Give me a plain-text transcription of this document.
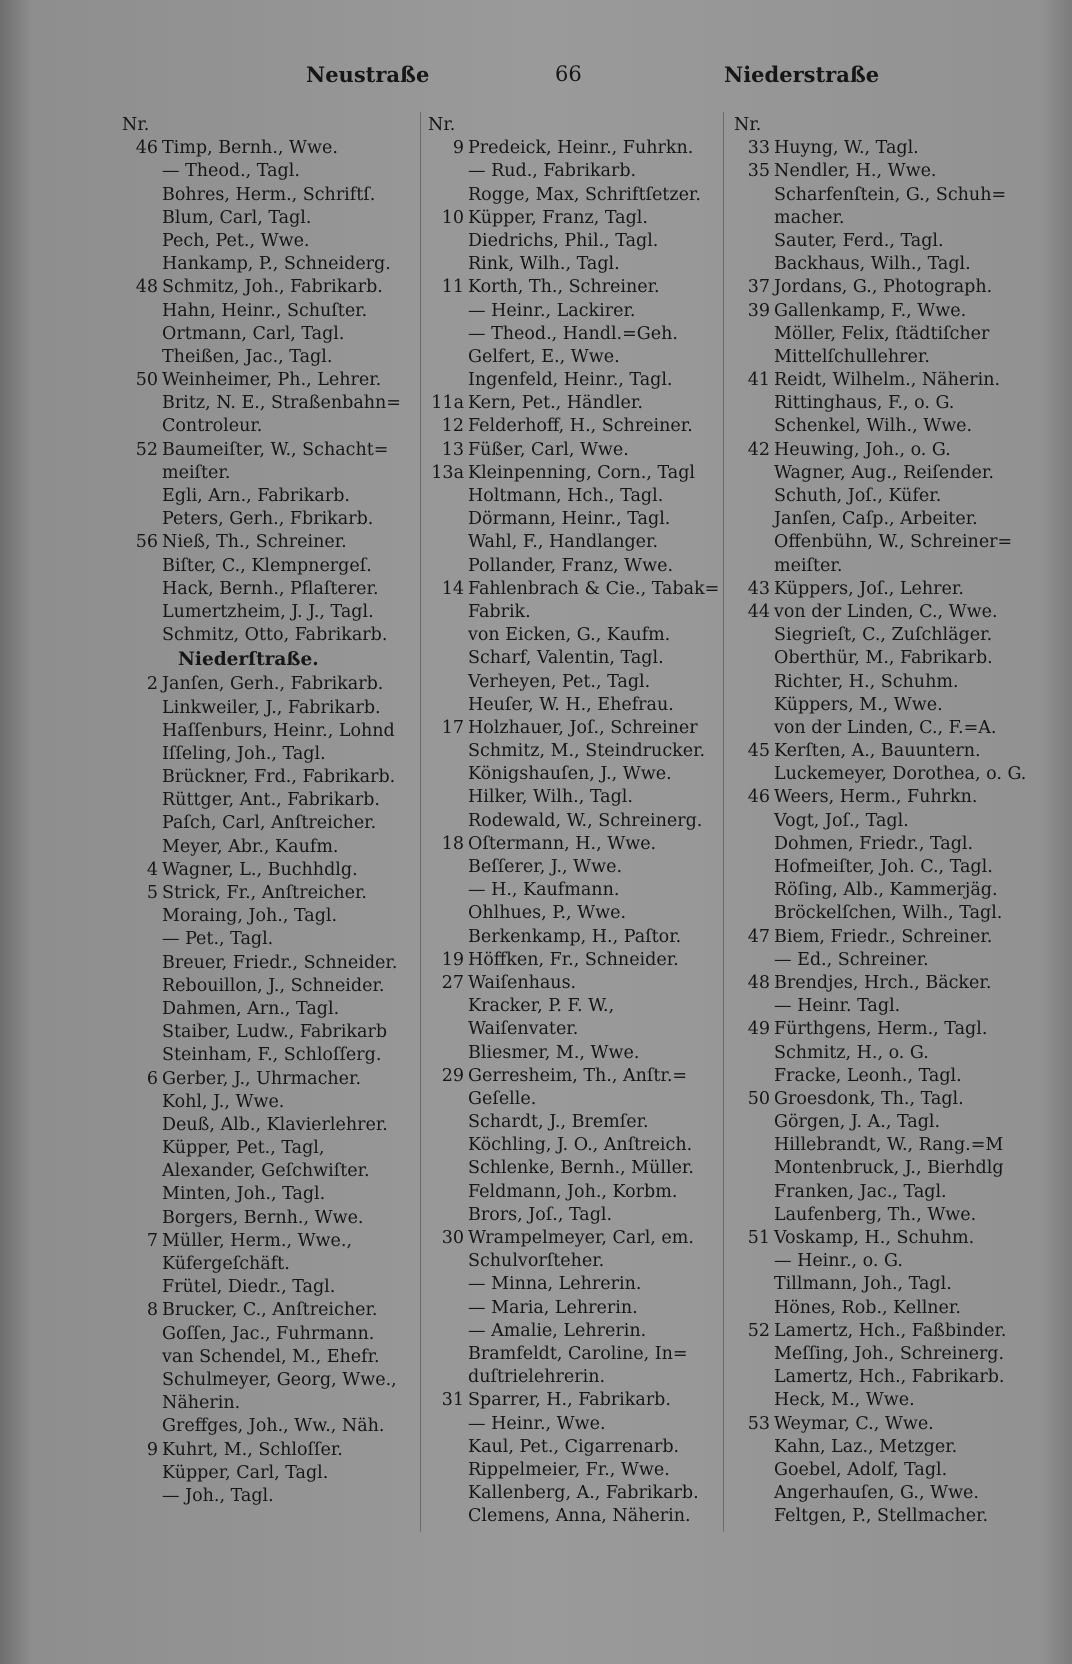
Neustraße	66	Niederstraße
Nr.
46 Timp, Bernh., Wwe.
— Theod., Tagl.
Bohres, Herm., Schriftſ.
Blum, Carl, Tagl.
Pech, Pet., Wwe.
Hankamp, P., Schneiderg.
48 Schmitz, Joh., Fabrikarb.
Hahn, Heinr., Schuſter.
Ortmann, Carl, Tagl.
Theißen, Jac., Tagl.
50 Weinheimer, Ph., Lehrer.
Britz, N. E., Straßenbahn=
Controleur.
52 Baumeiſter, W., Schacht=
meiſter.
Egli, Arn., Fabrikarb.
Peters, Gerh., Fbrikarb.
56 Nieß, Th., Schreiner.
Biſter, C., Klempnergeſ.
Hack, Bernh., Pflaſterer.
Lumertzheim, J. J., Tagl.
Schmitz, Otto, Fabrikarb.
Niederſtraße.
2 Janſen, Gerh., Fabrikarb.
Linkweiler, J., Fabrikarb.
Haſſenburs, Heinr., Lohnd
Iſſeling, Joh., Tagl.
Brückner, Frd., Fabrikarb.
Rüttger, Ant., Fabrikarb.
Paſch, Carl, Anſtreicher.
Meyer, Abr., Kaufm.
4 Wagner, L., Buchhdlg.
5 Strick, Fr., Anſtreicher.
Moraing, Joh., Tagl.
— Pet., Tagl.
Breuer, Friedr., Schneider.
Rebouillon, J., Schneider.
Dahmen, Arn., Tagl.
Staiber, Ludw., Fabrikarb
Steinham, F., Schloſſerg.
6 Gerber, J., Uhrmacher.
Kohl, J., Wwe.
Deuß, Alb., Klavierlehrer.
Küpper, Pet., Tagl,
Alexander, Geſchwiſter.
Minten, Joh., Tagl.
Borgers, Bernh., Wwe.
7 Müller, Herm., Wwe.,
Küfergeſchäft.
Frütel, Diedr., Tagl.
8 Brucker, C., Anſtreicher.
Goſſen, Jac., Fuhrmann.
van Schendel, M., Ehefr.
Schulmeyer, Georg, Wwe.,
Näherin.
Greffges, Joh., Ww., Näh.
9 Kuhrt, M., Schloſſer.
Küpper, Carl, Tagl.
— Joh., Tagl.
Nr.
9 Predeick, Heinr., Fuhrkn.
— Rud., Fabrikarb.
Rogge, Max, Schriftſetzer.
10 Küpper, Franz, Tagl.
Diedrichs, Phil., Tagl.
Rink, Wilh., Tagl.
11 Korth, Th., Schreiner.
— Heinr., Lackirer.
— Theod., Handl.=Geh.
Gelfert, E., Wwe.
Ingenfeld, Heinr., Tagl.
11a Kern, Pet., Händler.
12 Felderhoff, H., Schreiner.
13 Füßer, Carl, Wwe.
13a Kleinpenning, Corn., Tagl
Holtmann, Hch., Tagl.
Dörmann, Heinr., Tagl.
Wahl, F., Handlanger.
Pollander, Franz, Wwe.
14 Fahlenbrach & Cie., Tabak=
Fabrik.
von Eicken, G., Kaufm.
Scharf, Valentin, Tagl.
Verheyen, Pet., Tagl.
Heuſer, W. H., Ehefrau.
17 Holzhauer, Joſ., Schreiner
Schmitz, M., Steindrucker.
Königshauſen, J., Wwe.
Hilker, Wilh., Tagl.
Rodewald, W., Schreinerg.
18 Oſtermann, H., Wwe.
Beſſerer, J., Wwe.
— H., Kaufmann.
Ohlhues, P., Wwe.
Berkenkamp, H., Paſtor.
19 Höffken, Fr., Schneider.
27 Waiſenhaus.
Kracker, P. F. W.,
Waiſenvater.
Bliesmer, M., Wwe.
29 Gerresheim, Th., Anſtr.=
Geſelle.
Schardt, J., Bremſer.
Köchling, J. O., Anſtreich.
Schlenke, Bernh., Müller.
Feldmann, Joh., Korbm.
Brors, Joſ., Tagl.
30 Wrampelmeyer, Carl, em.
Schulvorſteher.
— Minna, Lehrerin.
— Maria, Lehrerin.
— Amalie, Lehrerin.
Bramfeldt, Caroline, In=
duſtrielehrerin.
31 Sparrer, H., Fabrikarb.
— Heinr., Wwe.
Kaul, Pet., Cigarrenarb.
Rippelmeier, Fr., Wwe.
Kallenberg, A., Fabrikarb.
Clemens, Anna, Näherin.
Nr.
33 Huyng, W., Tagl.
35 Nendler, H., Wwe.
Scharfenſtein, G., Schuh=
macher.
Sauter, Ferd., Tagl.
Backhaus, Wilh., Tagl.
37 Jordans, G., Photograph.
39 Gallenkamp, F., Wwe.
Möller, Felix, ſtädtiſcher
Mittelſchullehrer.
41 Reidt, Wilhelm., Näherin.
Rittinghaus, F., o. G.
Schenkel, Wilh., Wwe.
42 Heuwing, Joh., o. G.
Wagner, Aug., Reiſender.
Schuth, Joſ., Küfer.
Janſen, Caſp., Arbeiter.
Offenbühn, W., Schreiner=
meiſter.
43 Küppers, Joſ., Lehrer.
44 von der Linden, C., Wwe.
Siegrieſt, C., Zuſchläger.
Oberthür, M., Fabrikarb.
Richter, H., Schuhm.
Küppers, M., Wwe.
von der Linden, C., F.=A.
45 Kerſten, A., Bauuntern.
Luckemeyer, Dorothea, o. G.
46 Weers, Herm., Fuhrkn.
Vogt, Joſ., Tagl.
Dohmen, Friedr., Tagl.
Hofmeiſter, Joh. C., Tagl.
Röſing, Alb., Kammerjäg.
Bröckelſchen, Wilh., Tagl.
47 Biem, Friedr., Schreiner.
— Ed., Schreiner.
48 Brendjes, Hrch., Bäcker.
— Heinr. Tagl.
49 Fürthgens, Herm., Tagl.
Schmitz, H., o. G.
Fracke, Leonh., Tagl.
50 Groesdonk, Th., Tagl.
Görgen, J. A., Tagl.
Hillebrandt, W., Rang.=M
Montenbruck, J., Bierhdlg
Franken, Jac., Tagl.
Laufenberg, Th., Wwe.
51 Voskamp, H., Schuhm.
— Heinr., o. G.
Tillmann, Joh., Tagl.
Hönes, Rob., Kellner.
52 Lamertz, Hch., Faßbinder.
Meſſing, Joh., Schreinerg.
Lamertz, Hch., Fabrikarb.
Heck, M., Wwe.
53 Weymar, C., Wwe.
Kahn, Laz., Metzger.
Goebel, Adolf, Tagl.
Angerhauſen, G., Wwe.
Feltgen, P., Stellmacher.
